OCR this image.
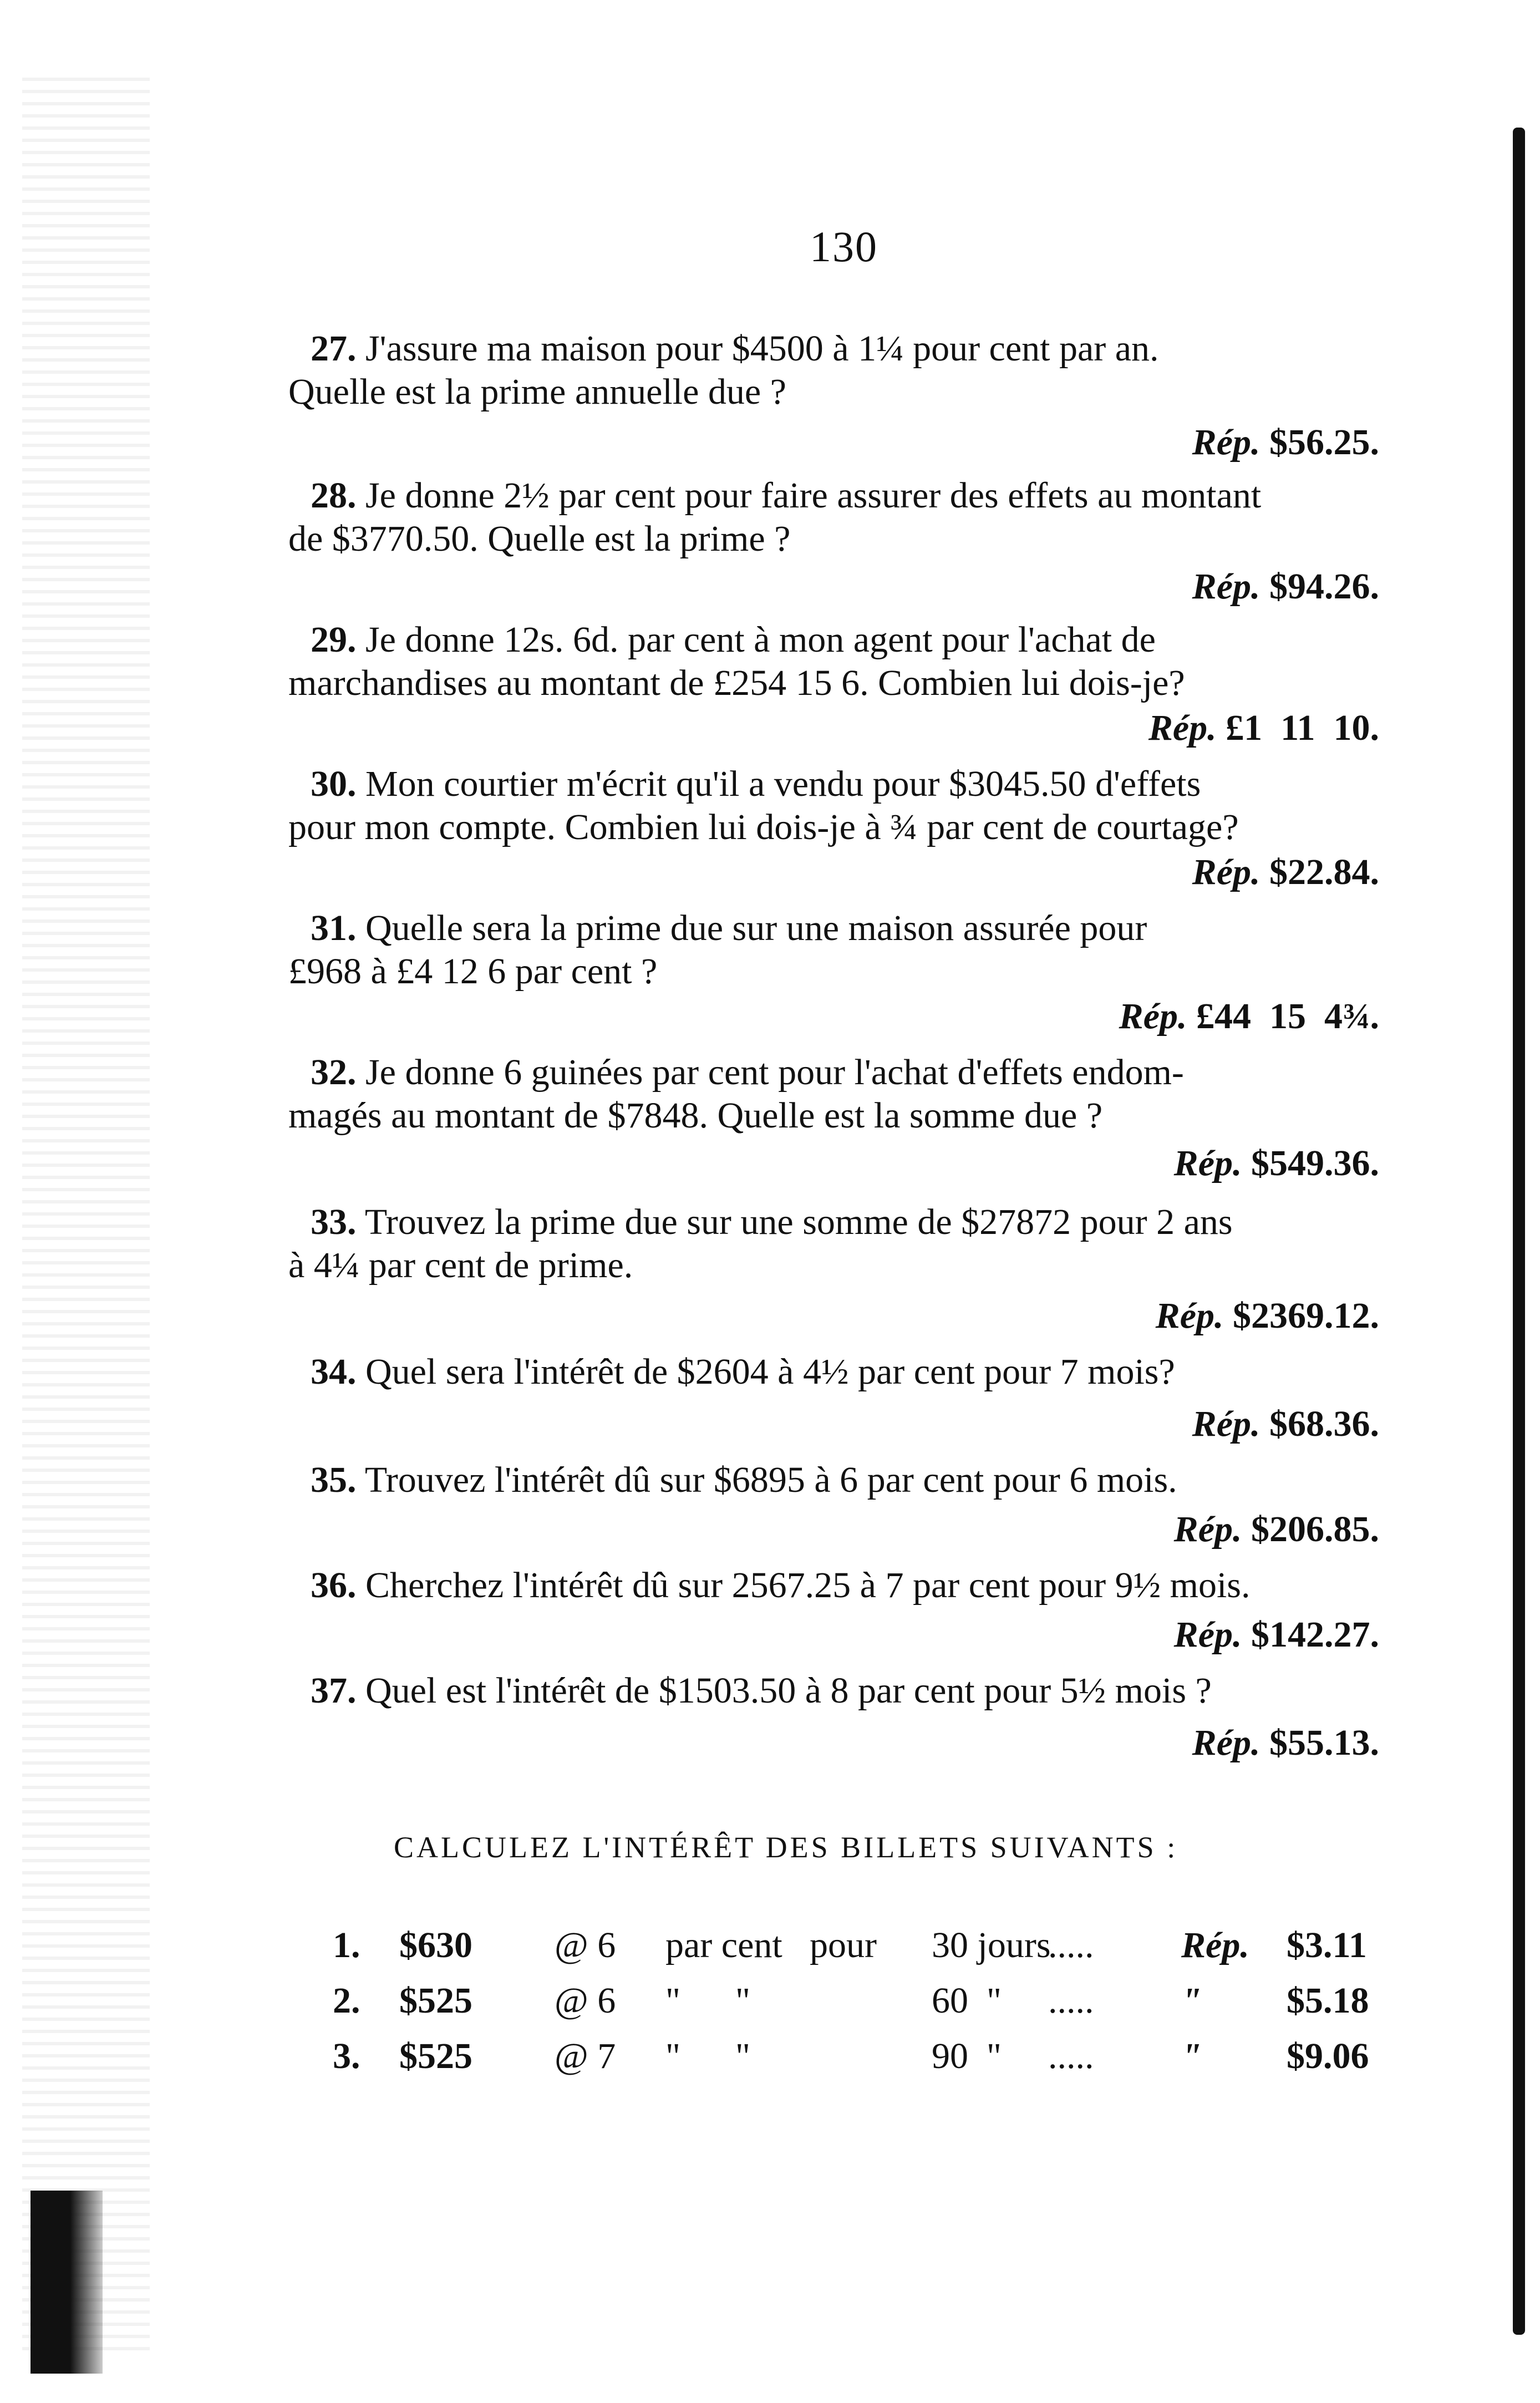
130
27. J'assure ma maison pour $4500 à 1¼ pour cent par an.
Quelle est la prime annuelle due ?
Rép. $56.25.
28. Je donne 2½ par cent pour faire assurer des effets au montant
de $3770.50. Quelle est la prime ?
Rép. $94.26.
29. Je donne 12s. 6d. par cent à mon agent pour l'achat de
marchandises au montant de £254 15 6. Combien lui dois-je?
Rép. £1  11  10.
30. Mon courtier m'écrit qu'il a vendu pour $3045.50 d'effets
pour mon compte. Combien lui dois-je à ¾ par cent de courtage?
Rép. $22.84.
31. Quelle sera la prime due sur une maison assurée pour
£968 à £4 12 6 par cent ?
Rép. £44  15  4¾.
32. Je donne 6 guinées par cent pour l'achat d'effets endom-
magés au montant de $7848. Quelle est la somme due ?
Rép. $549.36.
33. Trouvez la prime due sur une somme de $27872 pour 2 ans
à 4¼ par cent de prime.
Rép. $2369.12.
34. Quel sera l'intérêt de $2604 à 4½ par cent pour 7 mois?
Rép. $68.36.
35. Trouvez l'intérêt dû sur $6895 à 6 par cent pour 6 mois.
Rép. $206.85.
36. Cherchez l'intérêt dû sur 2567.25 à 7 par cent pour 9½ mois.
Rép. $142.27.
37. Quel est l'intérêt de $1503.50 à 8 par cent pour 5½ mois ?
Rép. $55.13.
CALCULEZ L'INTÉRÊT DES BILLETS SUIVANTS :
1. $630 @ 6 par cent pour 30 jours
..... Rép. $3.11
2. $525 @ 6 "      "	60  " ..... " $5.18
3. $525 @ 7 "      "	90  " ..... " $9.06
